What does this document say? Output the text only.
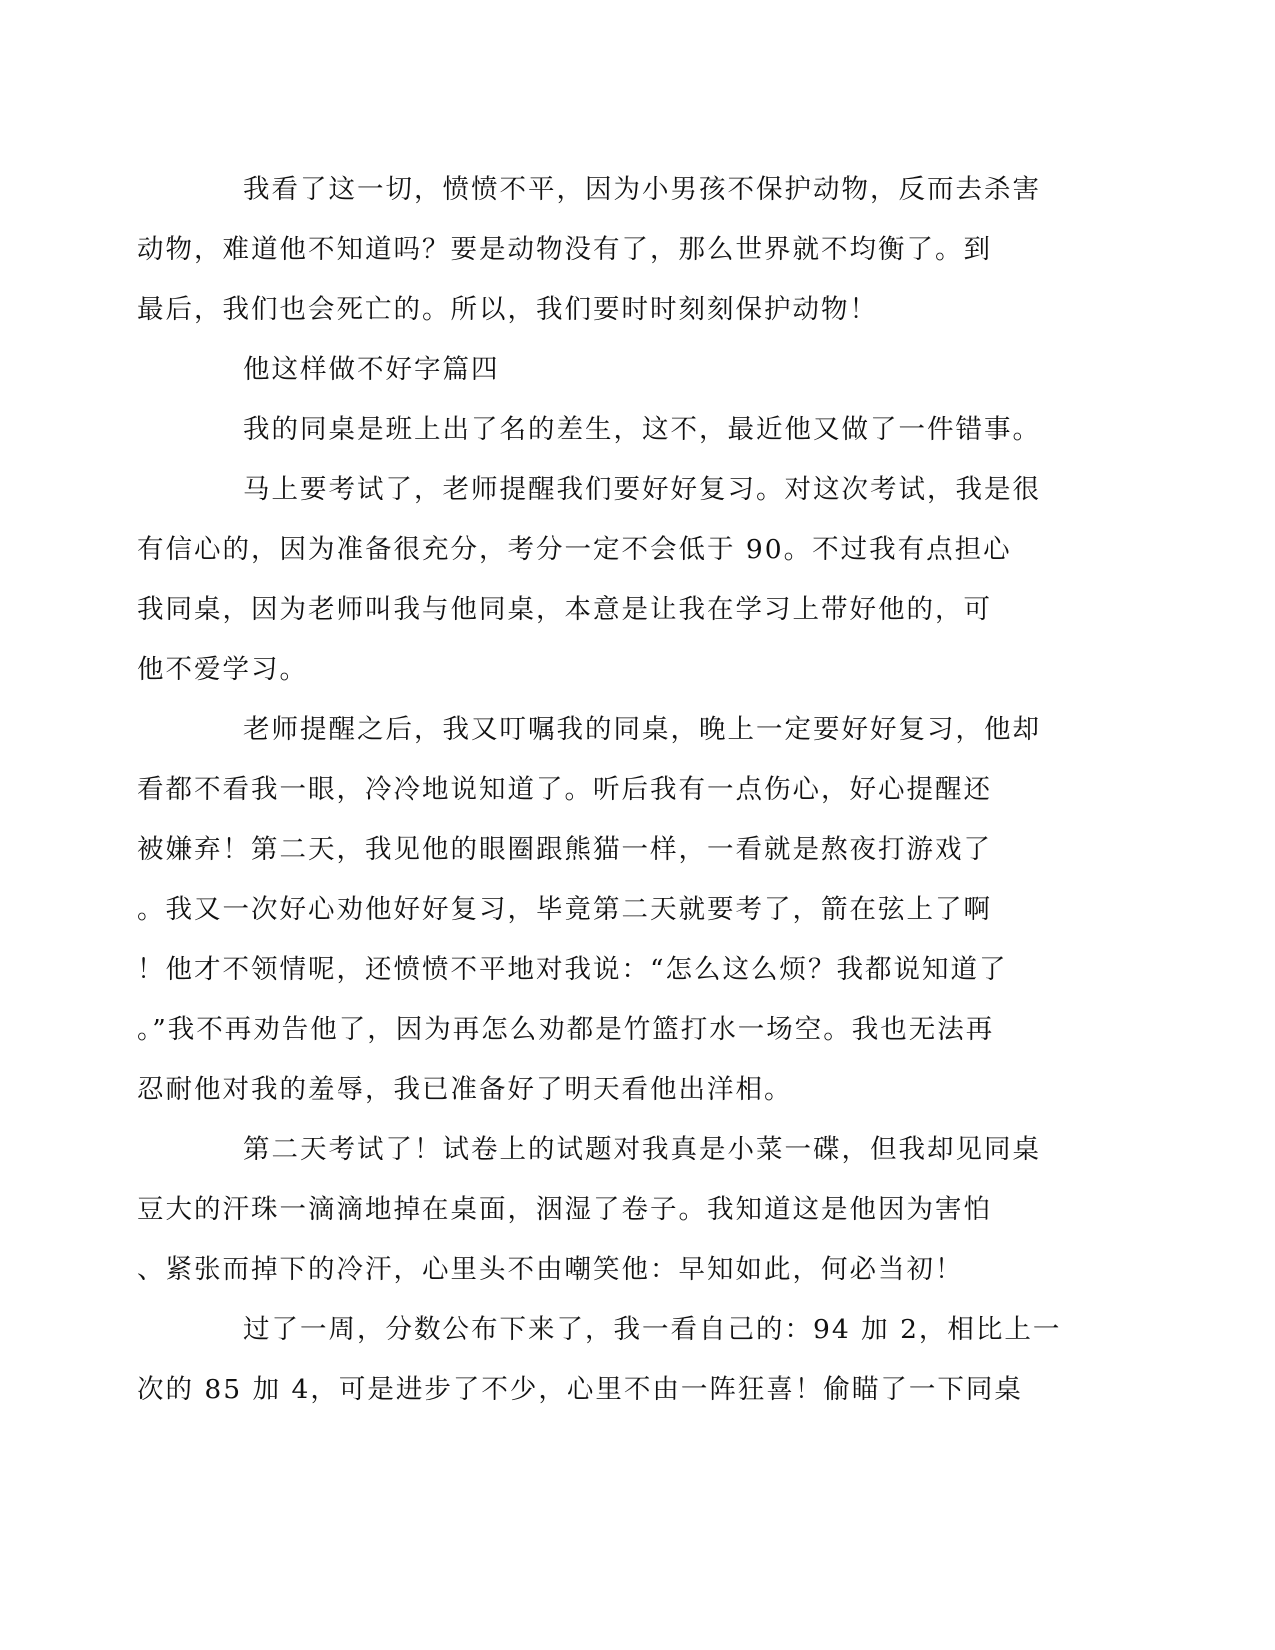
我看了这一切，愤愤不平，因为小男孩不保护动物，反而去杀害
动物，难道他不知道吗？要是动物没有了，那么世界就不均衡了。到
最后，我们也会死亡的。所以，我们要时时刻刻保护动物！

他这样做不好字篇四

我的同桌是班上出了名的差生，这不，最近他又做了一件错事。

马上要考试了，老师提醒我们要好好复习。对这次考试，我是很
有信心的，因为准备很充分，考分一定不会低于 90。不过我有点担心
我同桌，因为老师叫我与他同桌，本意是让我在学习上带好他的，可
他不爱学习。

老师提醒之后，我又叮嘱我的同桌，晚上一定要好好复习，他却
看都不看我一眼，冷冷地说知道了。听后我有一点伤心，好心提醒还
被嫌弃！第二天，我见他的眼圈跟熊猫一样，一看就是熬夜打游戏了
。我又一次好心劝他好好复习，毕竟第二天就要考了，箭在弦上了啊
！他才不领情呢，还愤愤不平地对我说：“怎么这么烦？我都说知道了
。”我不再劝告他了，因为再怎么劝都是竹篮打水一场空。我也无法再
忍耐他对我的羞辱，我已准备好了明天看他出洋相。

第二天考试了！试卷上的试题对我真是小菜一碟，但我却见同桌
豆大的汗珠一滴滴地掉在桌面，洇湿了卷子。我知道这是他因为害怕
、紧张而掉下的冷汗，心里头不由嘲笑他：早知如此，何必当初！

过了一周，分数公布下来了，我一看自己的：94 加 2，相比上一
次的 85 加 4，可是进步了不少，心里不由一阵狂喜！偷瞄了一下同桌
